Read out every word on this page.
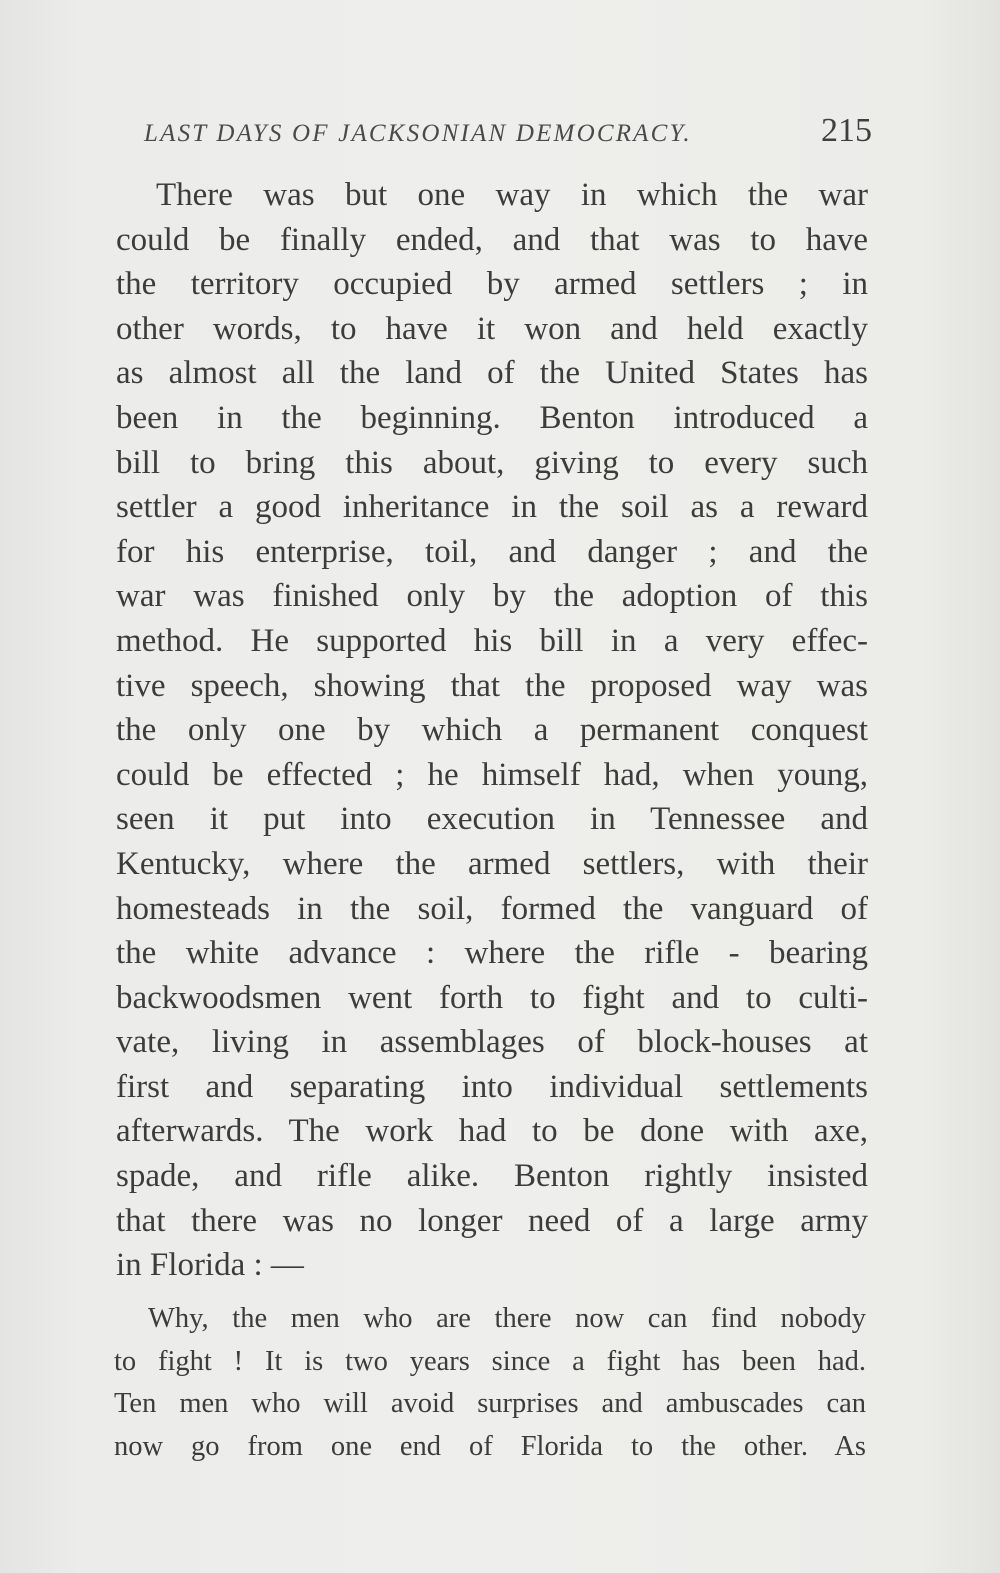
LAST DAYS OF JACKSONIAN DEMOCRACY.	215
There was but one way in which the war
could be finally ended, and that was to have
the territory occupied by armed settlers ; in
other words, to have it won and held exactly
as almost all the land of the United States has
been in the beginning. Benton introduced a
bill to bring this about, giving to every such
settler a good inheritance in the soil as a reward
for his enterprise, toil, and danger ; and the
war was finished only by the adoption of this
method. He supported his bill in a very effec-
tive speech, showing that the proposed way was
the only one by which a permanent conquest
could be effected ; he himself had, when young,
seen it put into execution in Tennessee and
Kentucky, where the armed settlers, with their
homesteads in the soil, formed the vanguard of
the white advance : where the rifle - bearing
backwoodsmen went forth to fight and to culti-
vate, living in assemblages of block-houses at
first and separating into individual settlements
afterwards. The work had to be done with axe,
spade, and rifle alike. Benton rightly insisted
that there was no longer need of a large army
in Florida : —
Why, the men who are there now can find nobody
to fight ! It is two years since a fight has been had.
Ten men who will avoid surprises and ambuscades can
now go from one end of Florida to the other. As
